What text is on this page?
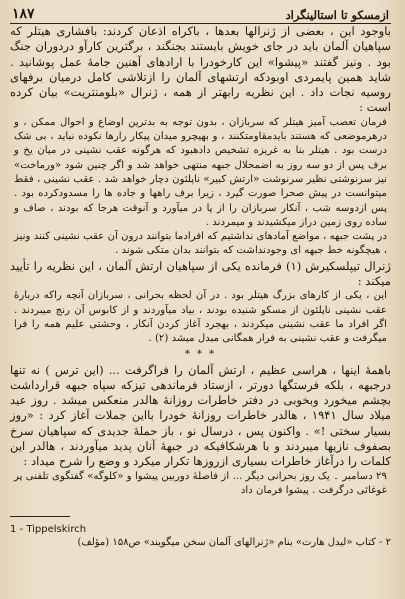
۱۸۷	ازمسکو تا استالینگراد

باوجود این ، بعضی از ژنرالها بعدها ، باکراه اذعان کردند: بافشاری هیتلر که سپاهیان آلمان باید در جای خویش بایستند بجنگند ، برگترین کارآو دردوران جنگ بود . ونیز گفتند «پیشوا» این کارخودرا با ارادهای آهنین جامهٔ عمل پوشانید . شاید همین پایمردی اوبودکه ارتشهای آلمان را ازتلاشی کامل درمیان برفهای روسیه نجات داد . این نظریه رابهتر از همه ، ژنرال «بلومنتریت» بیان کرده است :

فرمان تعصب آمیز هیتلر که سربازان ، بدون توجه به بدترین اوضاع و احوال ممکن ، و درهرموضعی که هستند بایدمقاومتکنند ، و بهیچرو میدان پیکار رارها نکوده نباید ، بی شک درست بود . هیتلر بنا به غریزه تشخیص دادهبود که هرگونه عقب نشینی در میان یخ و برف پس از دو سه روز به اضمحلال جبهه منتهی خواهد شد و اگر چنین شود «ورماخت» نیز سرنوشتی نظیر سرنوشت «ارتش کبیر» ناپلئون دچار خواهد شد . عقب نشینی ، فقط میتوانست در پیش صحرا صورت گیرد ، زیرا برف راهها و جاده ها را مسدودکرده بود . پس ازدوسه شب ، آنکار سربازان را از پا در میآورد و آنوقت هرجا که بودند ، صاف و ساده روی زمین دراز میکشیدند و میمردند .

در پشت جبهه ، مواضع آمادهای نداشتیم که افرادما بتوانند درون آن عقب نشینی کنند ونیز ، هیچگونه خط جبهه ای وجودنداشت که بتوانند بدان متکی شوند .

ژنرال تیپلسکیرش (۱) فرمانده یکی از سپاهیان ارتش آلمان ، این نظریه را تأیید میکند :

این ، یکی از کارهای بزرگ هیتلر بود . در آن لحظه بحرانی ، سربازان آنچه راکه دربارهٔ عقب نشینی ناپلئون از مسکو شنیده بودند ، بیاد میآوردند و از کابوس آن رنج میبردند . اگر افراد ما عقب نشینی میکردند ، بهجرد آغاز کردن آنکار ، وحشتی علیم همه را فرا میگرفت و عقب نشینی به فرار همگانی مبدل میشد (۲) .

* * *

باهمهٔ اینها ، هراسی عظیم ، ارتش آلمان را فراگرفت ... (این ترس ) نه تنها درجبهه ، بلکه فرستگها دورتر ، ازستاد فرماندهی تیزکه سپاه جبهه قرارداشت بچشم میخورد وبخوبی در دفتر خاطرات روزانهٔ هالدر منعکس میشد . روز عید میلاد سال ۱۹۴۱ ، هالدر خاطرات روزانهٔ خودرا بااین جملات آغاز کرد : «روز بسیار سختی !» . واکنون پس ، درسال نو ، باز حملهٔ جدیدی که سپاهیان سرخ بصفوف نازیها میبردند و با هرشکافیکه در جبههٔ آنان پدید میآوردند ، هالدر این کلمات را درآغاز خاطرات بسیاری ازروزها تکرار میکرد و وضع را شرح میداد :

۲۹ دسامبر ۔ یک روز بحرانی دیگر ... از فاصلهٔ دوربین پیشوا و «کلوگه» گفتگوی تلفنی پر غوغائی درگرفت . پیشوا فرمان داد

1 - Tippelskirch
۲ - کتاب «لیدل هارت» بنام «ژنرالهای آلمان سخن میگویند» ص۱۵۸ (مؤلف)
